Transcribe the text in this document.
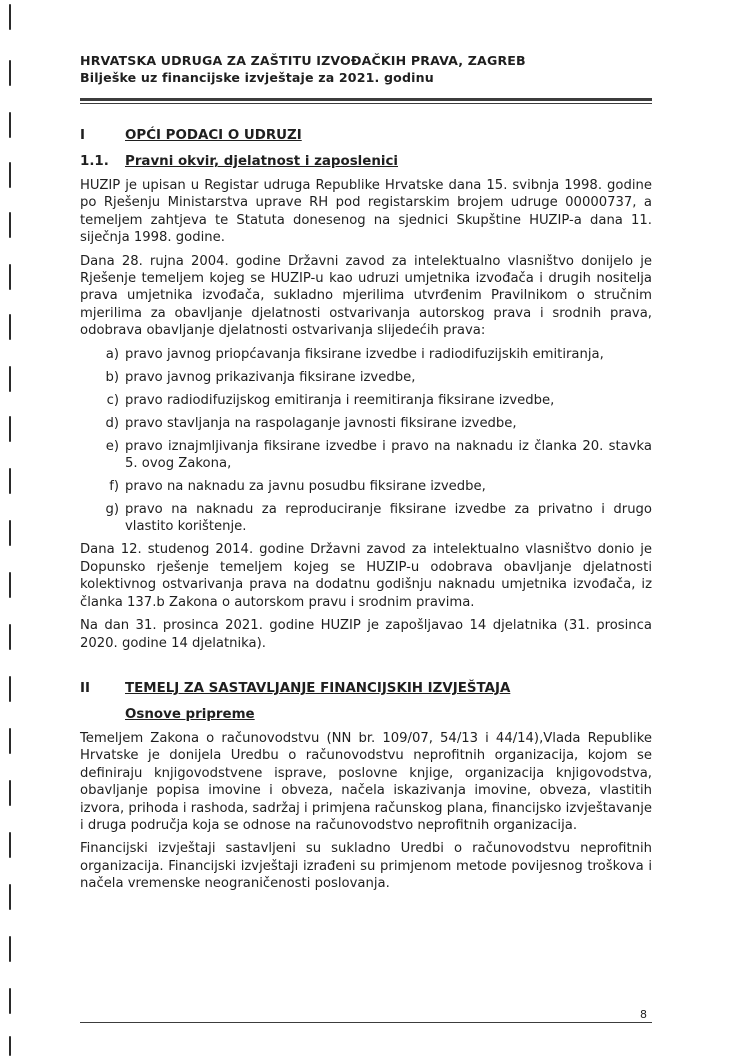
HRVATSKA UDRUGA ZA ZAŠTITU IZVOĐAČKIH PRAVA, ZAGREB
Bilješke uz financijske izvještaje za 2021. godinu
I	OPĆI PODACI O UDRUZI
1.1.	Pravni okvir, djelatnost i zaposlenici

HUZIP je upisan u Registar udruga Republike Hrvatske dana 15. svibnja 1998. godine po Rješenju Ministarstva uprave RH pod registarskim brojem udruge 00000737, a temeljem zahtjeva te Statuta donesenog na sjednici Skupštine HUZIP-a dana 11. siječnja 1998. godine.

Dana 28. rujna 2004. godine Državni zavod za intelektualno vlasništvo donijelo je Rješenje temeljem kojeg se HUZIP-u kao udruzi umjetnika izvođača i drugih nositelja prava umjetnika izvođača, sukladno mjerilima utvrđenim Pravilnikom o stručnim mjerilima za obavljanje djelatnosti ostvarivanja autorskog prava i srodnih prava, odobrava obavljanje djelatnosti ostvarivanja slijedećih prava:

a) pravo javnog priopćavanja fiksirane izvedbe i radiodifuzijskih emitiranja,
b) pravo javnog prikazivanja fiksirane izvedbe,
c) pravo radiodifuzijskog emitiranja i reemitiranja fiksirane izvedbe,
d) pravo stavljanja na raspolaganje javnosti fiksirane izvedbe,
e) pravo iznajmljivanja fiksirane izvedbe i pravo na naknadu iz članka 20. stavka 5. ovog Zakona,
f) pravo na naknadu za javnu posudbu fiksirane izvedbe,
g) pravo na naknadu za reproduciranje fiksirane izvedbe za privatno i drugo vlastito korištenje.

Dana 12. studenog 2014. godine Državni zavod za intelektualno vlasništvo donio je Dopunsko rješenje temeljem kojeg se HUZIP-u odobrava obavljanje djelatnosti kolektivnog ostvarivanja prava na dodatnu godišnju naknadu umjetnika izvođača, iz članka 137.b Zakona o autorskom pravu i srodnim pravima.

Na dan 31. prosinca 2021. godine HUZIP je zapošljavao 14 djelatnika (31. prosinca 2020. godine 14 djelatnika).

II	TEMELJ ZA SASTAVLJANJE FINANCIJSKIH IZVJEŠTAJA
Osnove pripreme

Temeljem Zakona o računovodstvu (NN br. 109/07, 54/13 i 44/14),Vlada Republike Hrvatske je donijela Uredbu o računovodstvu neprofitnih organizacija, kojom se definiraju knjigovodstvene isprave, poslovne knjige, organizacija knjigovodstva, obavljanje popisa imovine i obveza, načela iskazivanja imovine, obveza, vlastitih izvora, prihoda i rashoda, sadržaj i primjena računskog plana, financijsko izvještavanje i druga područja koja se odnose na računovodstvo neprofitnih organizacija.

Financijski izvještaji sastavljeni su sukladno Uredbi o računovodstvu neprofitnih organizacija. Financijski izvještaji izrađeni su primjenom metode povijesnog troškova i načela vremenske neograničenosti poslovanja.

8
